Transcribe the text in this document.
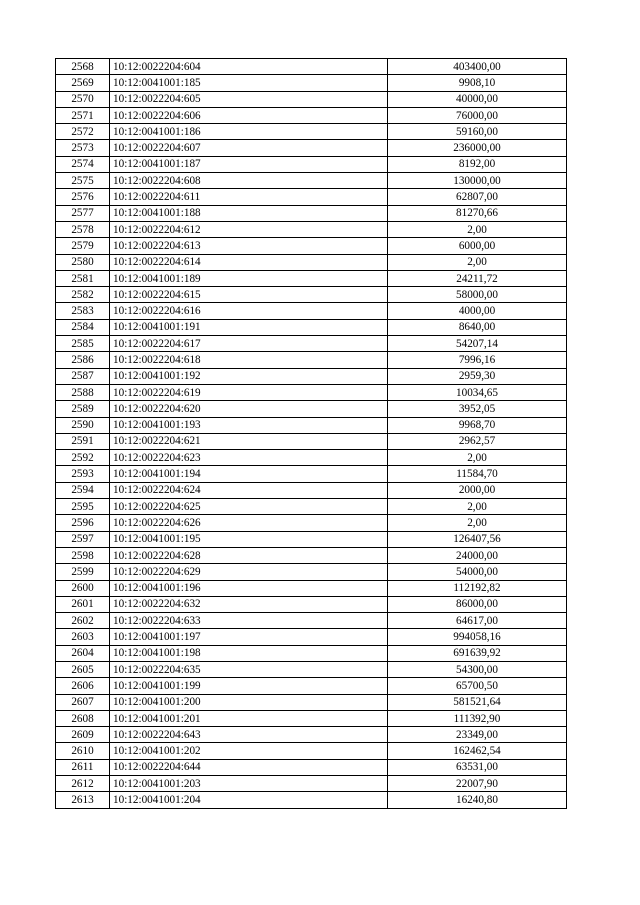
2568	10:12:0022204:604	403400,00
2569	10:12:0041001:185	9908,10
2570	10:12:0022204:605	40000,00
2571	10:12:0022204:606	76000,00
2572	10:12:0041001:186	59160,00
2573	10:12:0022204:607	236000,00
2574	10:12:0041001:187	8192,00
2575	10:12:0022204:608	130000,00
2576	10:12:0022204:611	62807,00
2577	10:12:0041001:188	81270,66
2578	10:12:0022204:612	2,00
2579	10:12:0022204:613	6000,00
2580	10:12:0022204:614	2,00
2581	10:12:0041001:189	24211,72
2582	10:12:0022204:615	58000,00
2583	10:12:0022204:616	4000,00
2584	10:12:0041001:191	8640,00
2585	10:12:0022204:617	54207,14
2586	10:12:0022204:618	7996,16
2587	10:12:0041001:192	2959,30
2588	10:12:0022204:619	10034,65
2589	10:12:0022204:620	3952,05
2590	10:12:0041001:193	9968,70
2591	10:12:0022204:621	2962,57
2592	10:12:0022204:623	2,00
2593	10:12:0041001:194	11584,70
2594	10:12:0022204:624	2000,00
2595	10:12:0022204:625	2,00
2596	10:12:0022204:626	2,00
2597	10:12:0041001:195	126407,56
2598	10:12:0022204:628	24000,00
2599	10:12:0022204:629	54000,00
2600	10:12:0041001:196	112192,82
2601	10:12:0022204:632	86000,00
2602	10:12:0022204:633	64617,00
2603	10:12:0041001:197	994058,16
2604	10:12:0041001:198	691639,92
2605	10:12:0022204:635	54300,00
2606	10:12:0041001:199	65700,50
2607	10:12:0041001:200	581521,64
2608	10:12:0041001:201	111392,90
2609	10:12:0022204:643	23349,00
2610	10:12:0041001:202	162462,54
2611	10:12:0022204:644	63531,00
2612	10:12:0041001:203	22007,90
2613	10:12:0041001:204	16240,80
